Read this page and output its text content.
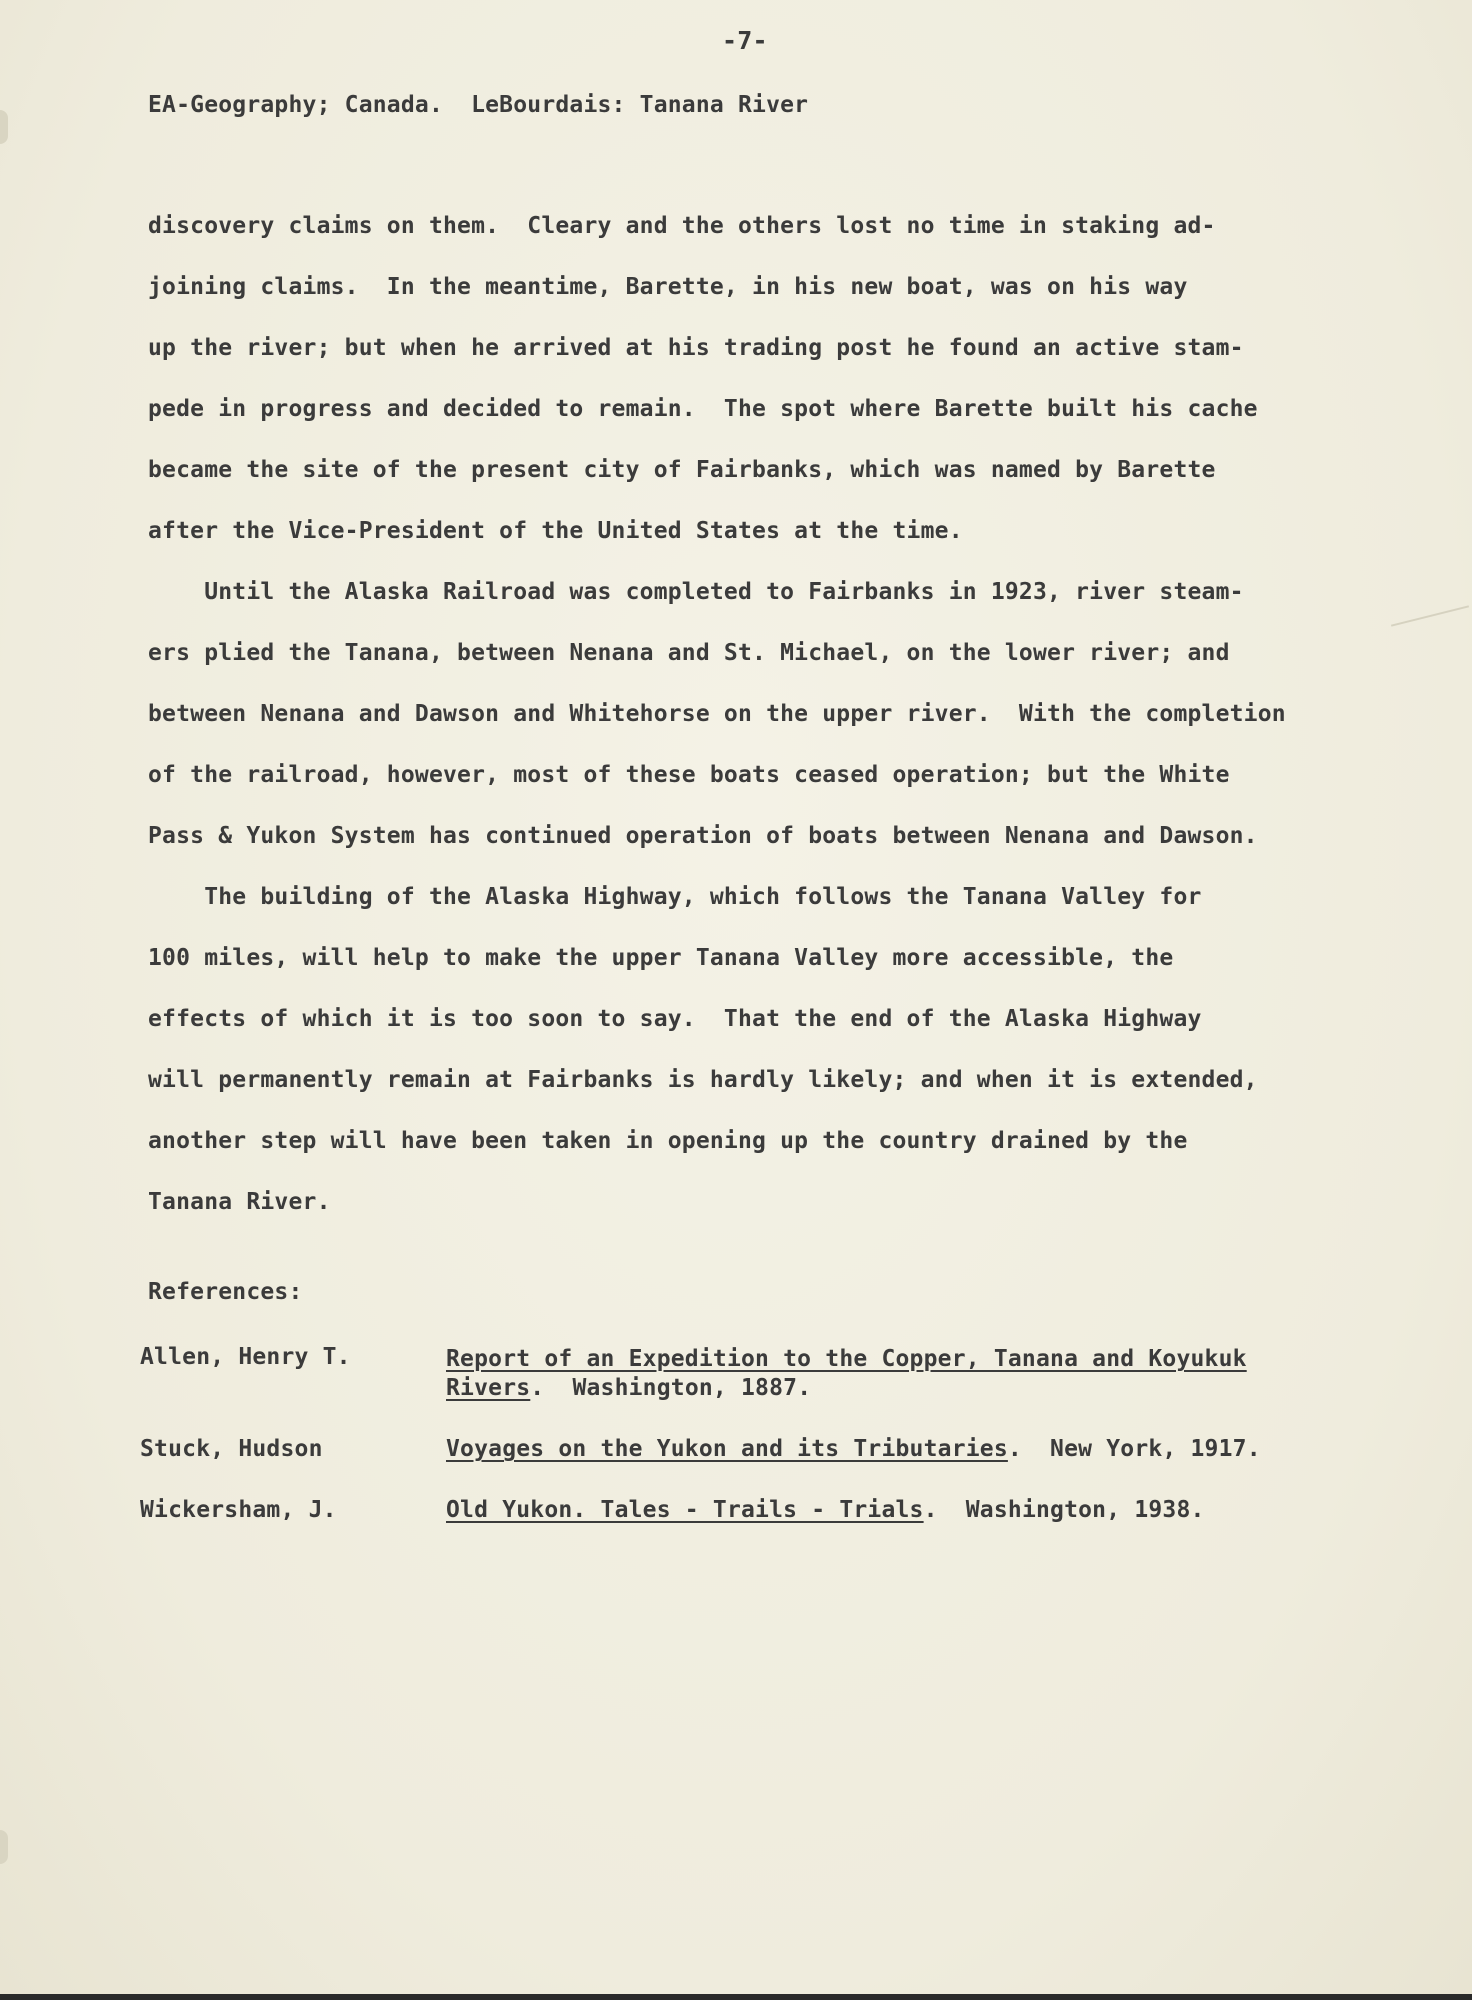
-7-
EA-Geography; Canada.  LeBourdais: Tanana River
discovery claims on them.  Cleary and the others lost no time in staking ad-
joining claims.  In the meantime, Barette, in his new boat, was on his way
up the river; but when he arrived at his trading post he found an active stam-
pede in progress and decided to remain.  The spot where Barette built his cache
became the site of the present city of Fairbanks, which was named by Barette
after the Vice-President of the United States at the time.
Until the Alaska Railroad was completed to Fairbanks in 1923, river steam-
ers plied the Tanana, between Nenana and St. Michael, on the lower river; and
between Nenana and Dawson and Whitehorse on the upper river.  With the completion
of the railroad, however, most of these boats ceased operation; but the White
Pass & Yukon System has continued operation of boats between Nenana and Dawson.
The building of the Alaska Highway, which follows the Tanana Valley for
100 miles, will help to make the upper Tanana Valley more accessible, the
effects of which it is too soon to say.  That the end of the Alaska Highway
will permanently remain at Fairbanks is hardly likely; and when it is extended,
another step will have been taken in opening up the country drained by the
Tanana River.
References:
Allen, Henry T.	Report of an Expedition to the Copper, Tanana and Koyukuk
Rivers.  Washington, 1887.
Stuck, Hudson	Voyages on the Yukon and its Tributaries.  New York, 1917.
Wickersham, J.	Old Yukon. Tales - Trails - Trials.  Washington, 1938.
